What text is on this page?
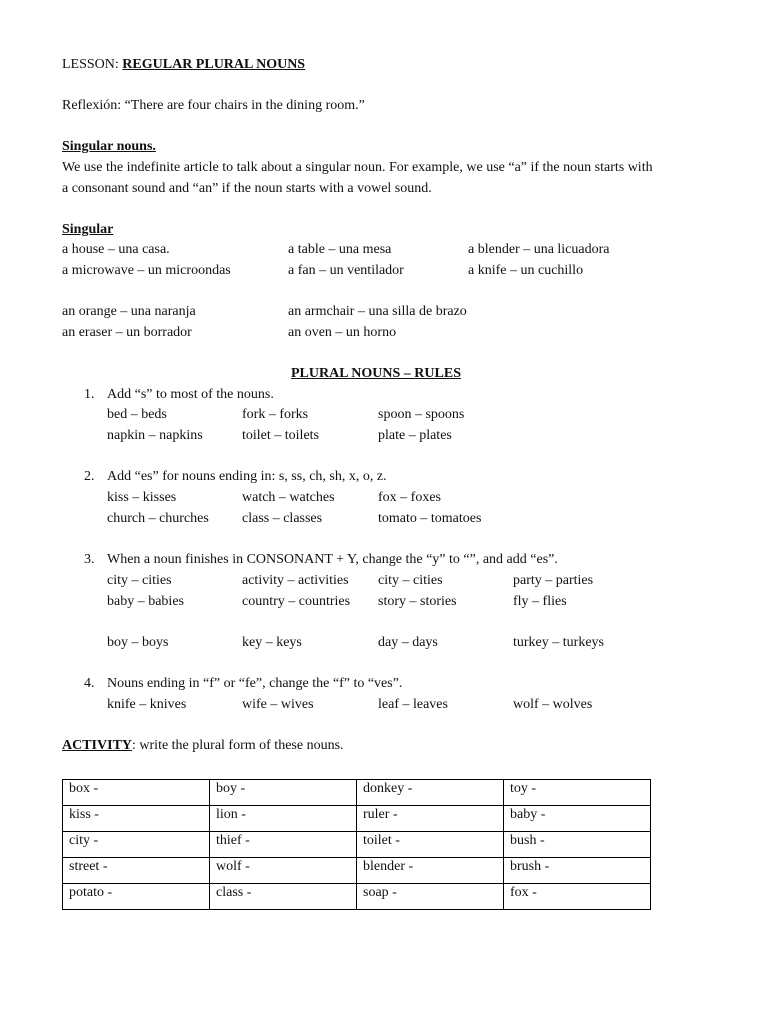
LESSON: REGULAR PLURAL NOUNS
Reflexión: “There are four chairs in the dining room.”
Singular nouns.
We use the indefinite article to talk about a singular noun. For example, we use “a” if the noun starts with
a consonant sound and “an” if the noun starts with a vowel sound.
Singular
a house – una casa.	a table – una mesa	a blender – una licuadora
a microwave – un microondas	a fan – un ventilador	a knife – un cuchillo
an orange – una naranja	an armchair – una silla de brazo
an eraser – un borrador	an oven – un horno
PLURAL NOUNS – RULES
1. Add “s” to most of the nouns.
bed – beds	fork – forks	spoon – spoons
napkin – napkins	toilet – toilets	plate – plates
2. Add “es” for nouns ending in: s, ss, ch, sh, x, o, z.
kiss – kisses	watch – watches	fox – foxes
church – churches class – classes	tomato – tomatoes
3. When a noun finishes in CONSONANT + Y, change the “y” to “”, and add “es”.
city – cities	activity – activities city – cities	party – parties
baby – babies	country – countries story – stories	fly – flies
boy – boys	key – keys	day – days	turkey – turkeys
4. Nouns ending in “f” or “fe”, change the “f” to “ves”.
knife – knives	wife – wives	leaf – leaves	wolf – wolves
ACTIVITY: write the plural form of these nouns.
box -	boy -	donkey -	toy -
kiss -	lion -	ruler -	baby -
city -	thief -	toilet -	bush -
street -	wolf -	blender -	brush -
potato -	class -	soap -	fox -
